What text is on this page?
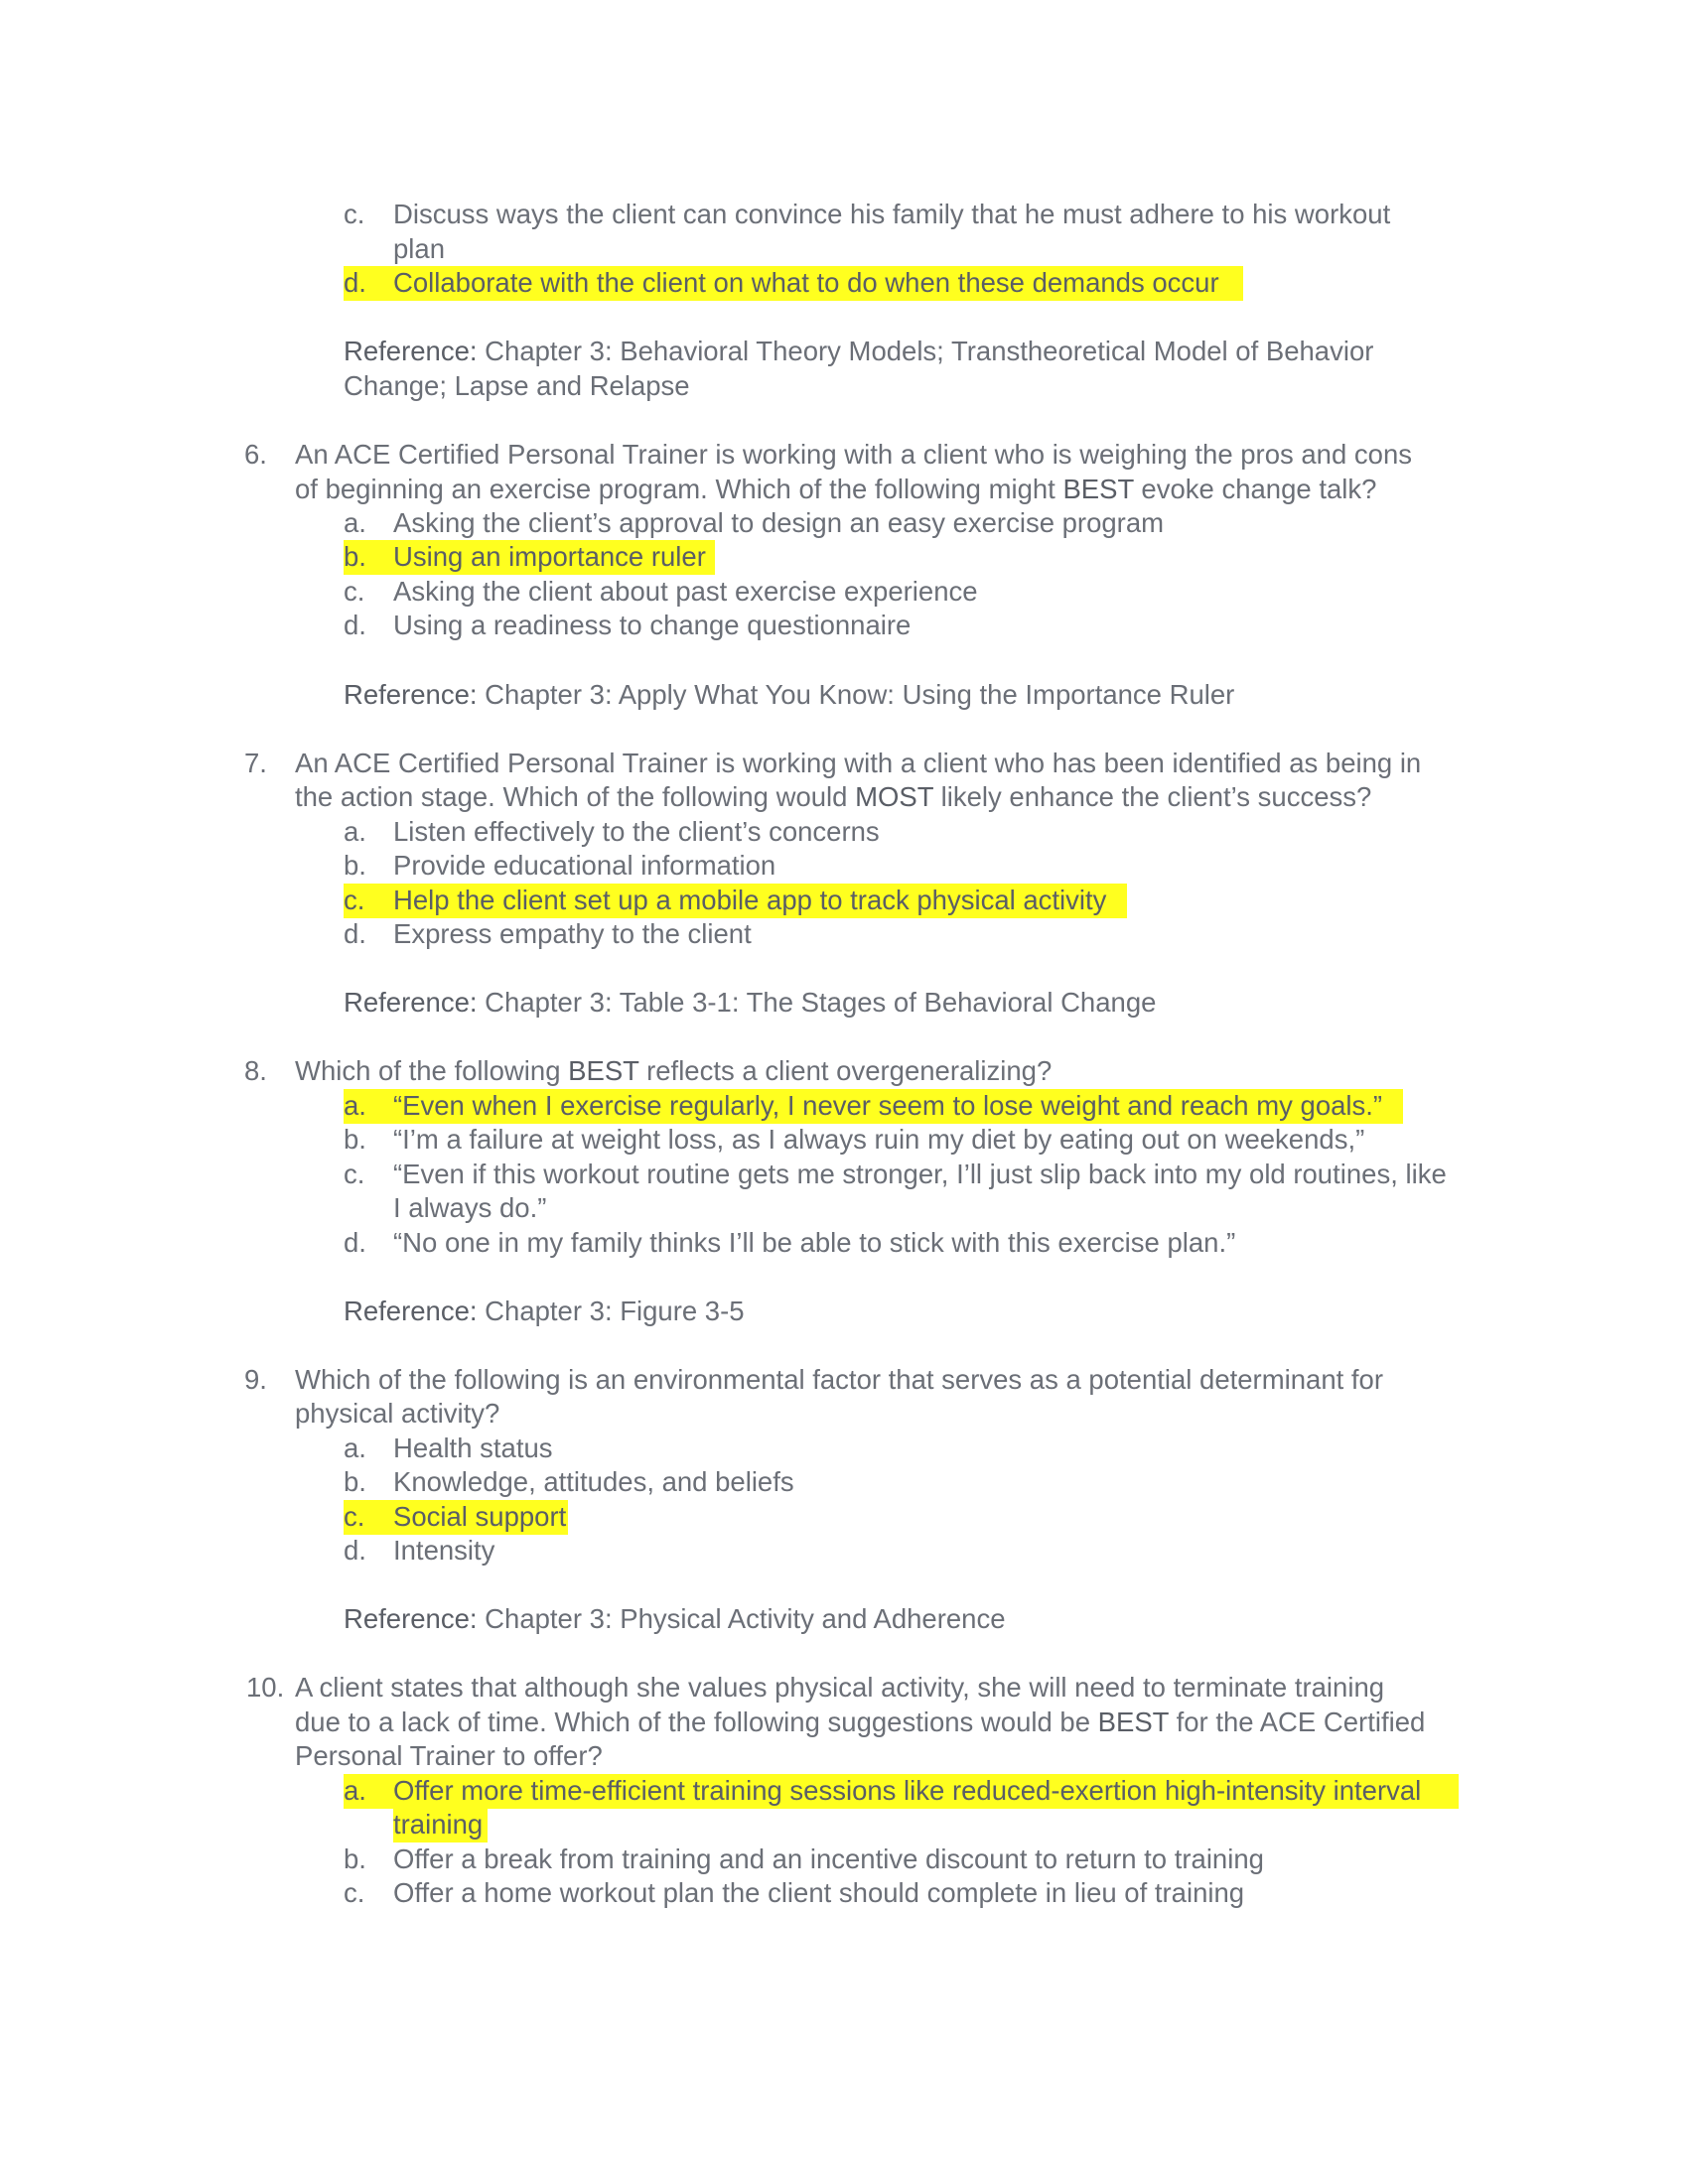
c. Discuss ways the client can convince his family that he must adhere to his workout
plan
d. Collaborate with the client on what to do when these demands occur
Reference: Chapter 3: Behavioral Theory Models; Transtheoretical Model of Behavior
Change; Lapse and Relapse
6. An ACE Certified Personal Trainer is working with a client who is weighing the pros and cons
of beginning an exercise program. Which of the following might BEST evoke change talk?
a. Asking the client’s approval to design an easy exercise program
b. Using an importance ruler
c. Asking the client about past exercise experience
d. Using a readiness to change questionnaire
Reference: Chapter 3: Apply What You Know: Using the Importance Ruler
7. An ACE Certified Personal Trainer is working with a client who has been identified as being in
the action stage. Which of the following would MOST likely enhance the client’s success?
a. Listen effectively to the client’s concerns
b. Provide educational information
c. Help the client set up a mobile app to track physical activity
d. Express empathy to the client
Reference: Chapter 3: Table 3-1: The Stages of Behavioral Change
8. Which of the following BEST reflects a client overgeneralizing?
a. “Even when I exercise regularly, I never seem to lose weight and reach my goals.”
b. “I’m a failure at weight loss, as I always ruin my diet by eating out on weekends,”
c. “Even if this workout routine gets me stronger, I’ll just slip back into my old routines, like
I always do.”
d. “No one in my family thinks I’ll be able to stick with this exercise plan.”
Reference: Chapter 3: Figure 3-5
9. Which of the following is an environmental factor that serves as a potential determinant for
physical activity?
a. Health status
b. Knowledge, attitudes, and beliefs
c. Social support
d. Intensity
Reference: Chapter 3: Physical Activity and Adherence
10. A client states that although she values physical activity, she will need to terminate training
due to a lack of time. Which of the following suggestions would be BEST for the ACE Certified
Personal Trainer to offer?
a. Offer more time-efficient training sessions like reduced-exertion high-intensity interval
training
b. Offer a break from training and an incentive discount to return to training
c. Offer a home workout plan the client should complete in lieu of training
